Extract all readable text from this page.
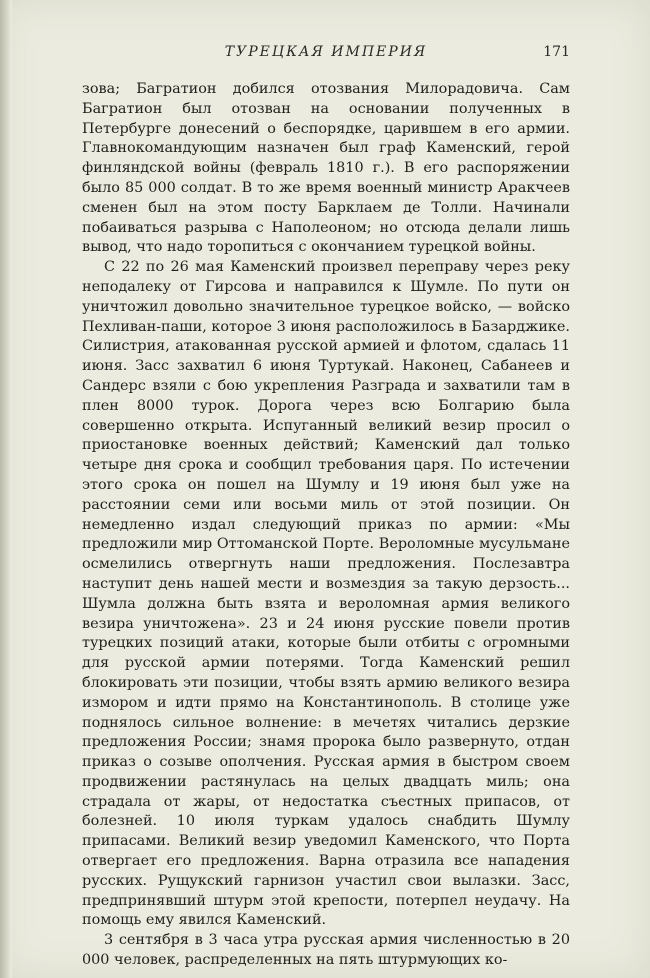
ТУРЕЦКАЯ ИМПЕРИЯ	171

зова; Багратион добился отозвания Милорадовича. Сам Багратион был отозван на основании полученных в Петербурге донесений о беспорядке, царившем в его армии. Главнокомандующим назначен был граф Каменский, герой финляндской войны (февраль 1810 г.). В его распоряжении было 85 000 солдат. В то же время военный министр Аракчеев сменен был на этом посту Барклаем де Толли. Начинали побаиваться разрыва с Наполеоном; но отсюда делали лишь вывод, что надо торопиться с окончанием турецкой войны.

С 22 по 26 мая Каменский произвел переправу через реку неподалеку от Гирсова и направился к Шумле. По пути он уничтожил довольно значительное турецкое войско, — войско Пехливан-паши, которое 3 июня расположилось в Базарджике. Силистрия, атакованная русской армией и флотом, сдалась 11 июня. Засс захватил 6 июня Туртукай. Наконец, Сабанеев и Сандерс взяли с бою укрепления Разграда и захватили там в плен 8000 турок. Дорога через всю Болгарию была совершенно открыта. Испуганный великий везир просил о приостановке военных действий; Каменский дал только четыре дня срока и сообщил требования царя. По истечении этого срока он пошел на Шумлу и 19 июня был уже на расстоянии семи или восьми миль от этой позиции. Он немедленно издал следующий приказ по армии: «Мы предложили мир Оттоманской Порте. Вероломные мусульмане осмелились отвергнуть наши предложения. Послезавтра наступит день нашей мести и возмездия за такую дерзость... Шумла должна быть взята и вероломная армия великого везира уничтожена». 23 и 24 июня русские повели против турецких позиций атаки, которые были отбиты с огромными для русской армии потерями. Тогда Каменский решил блокировать эти позиции, чтобы взять армию великого везира измором и идти прямо на Константинополь. В столице уже поднялось сильное волнение: в мечетях читались дерзкие предложения России; знамя пророка было развернуто, отдан приказ о созыве ополчения. Русская армия в быстром своем продвижении растянулась на целых двадцать миль; она страдала от жары, от недостатка съестных припасов, от болезней. 10 июля туркам удалось снабдить Шумлу припасами. Великий везир уведомил Каменского, что Порта отвергает его предложения. Варна отразила все нападения русских. Рущукский гарнизон участил свои вылазки. Засс, предпринявший штурм этой крепости, потерпел неудачу. На помощь ему явился Каменский.

3 сентября в 3 часа утра русская армия численностью в 20 000 человек, распределенных на пять штурмующих ко-
